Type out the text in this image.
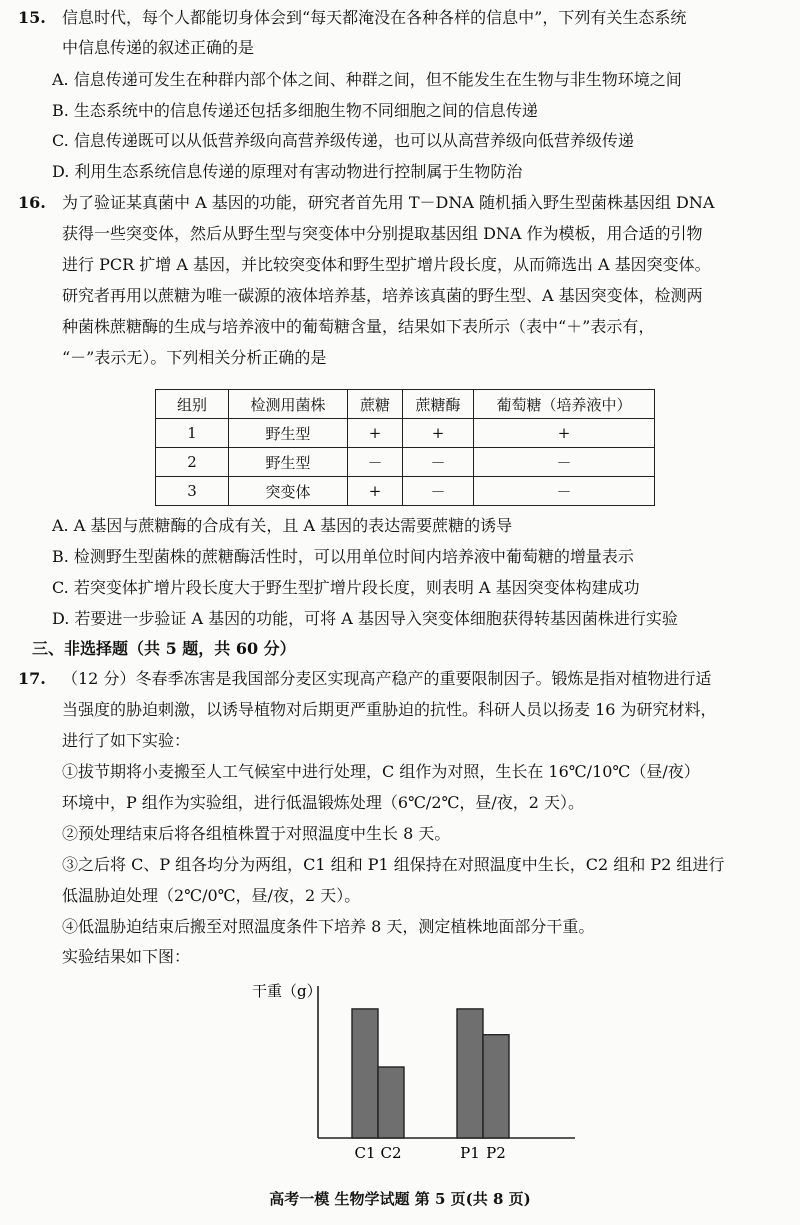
15. 信息时代，每个人都能切身体会到“每天都淹没在各种各样的信息中”，下列有关生态系统
中信息传递的叙述正确的是
A. 信息传递可发生在种群内部个体之间、种群之间，但不能发生在生物与非生物环境之间
B. 生态系统中的信息传递还包括多细胞生物不同细胞之间的信息传递
C. 信息传递既可以从低营养级向高营养级传递，也可以从高营养级向低营养级传递
D. 利用生态系统信息传递的原理对有害动物进行控制属于生物防治
16. 为了验证某真菌中 A 基因的功能，研究者首先用 T－DNA 随机插入野生型菌株基因组 DNA
获得一些突变体，然后从野生型与突变体中分别提取基因组 DNA 作为模板，用合适的引物
进行 PCR 扩增 A 基因，并比较突变体和野生型扩增片段长度，从而筛选出 A 基因突变体。
研究者再用以蔗糖为唯一碳源的液体培养基，培养该真菌的野生型、A 基因突变体，检测两
种菌株蔗糖酶的生成与培养液中的葡萄糖含量，结果如下表所示（表中“＋”表示有，
“－”表示无）。下列相关分析正确的是
组别	检测用菌株	蔗糖	蔗糖酶	葡萄糖（培养液中）
1	野生型	+	+	+
2	野生型	－	－	－
3	突变体	+	－	－
A. A 基因与蔗糖酶的合成有关，且 A 基因的表达需要蔗糖的诱导
B. 检测野生型菌株的蔗糖酶活性时，可以用单位时间内培养液中葡萄糖的增量表示
C. 若突变体扩增片段长度大于野生型扩增片段长度，则表明 A 基因突变体构建成功
D. 若要进一步验证 A 基因的功能，可将 A 基因导入突变体细胞获得转基因菌株进行实验
三、非选择题（共 5 题，共 60 分）
17. （12 分）冬春季冻害是我国部分麦区实现高产稳产的重要限制因子。锻炼是指对植物进行适
当强度的胁迫刺激，以诱导植物对后期更严重胁迫的抗性。科研人员以扬麦 16 为研究材料，
进行了如下实验：
①拔节期将小麦搬至人工气候室中进行处理，C 组作为对照，生长在 16℃/10℃（昼/夜）
环境中，P 组作为实验组，进行低温锻炼处理（6℃/2℃，昼/夜，2 天）。
②预处理结束后将各组植株置于对照温度中生长 8 天。
③之后将 C、P 组各均分为两组，C1 组和 P1 组保持在对照温度中生长，C2 组和 P2 组进行
低温胁迫处理（2℃/0℃，昼/夜，2 天）。
④低温胁迫结束后搬至对照温度条件下培养 8 天，测定植株地面部分干重。
实验结果如下图：
干重（g）
C1 C2	P1 P2
高考一模 生物学试题 第 5 页(共 8 页)
